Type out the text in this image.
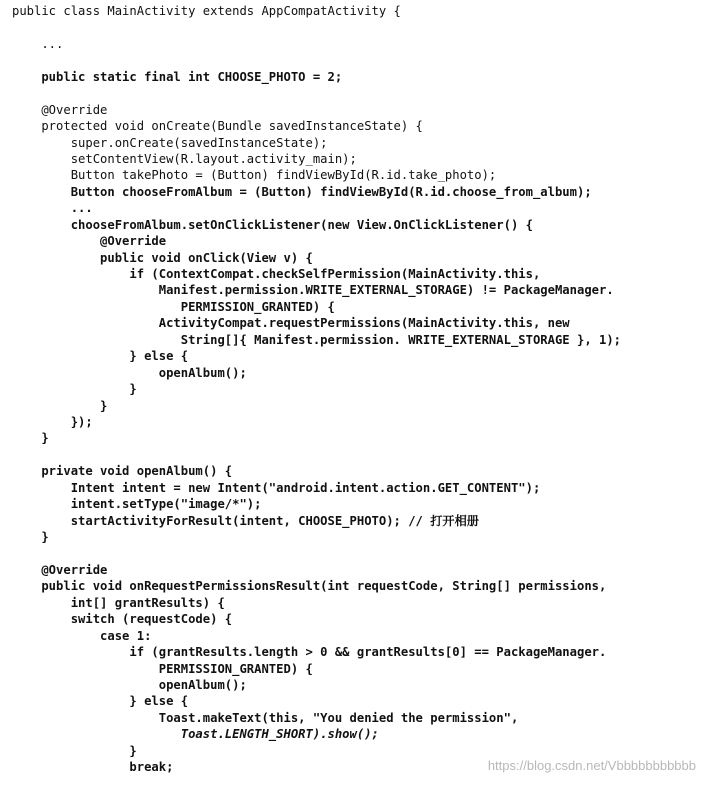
public class MainActivity extends AppCompatActivity {
...
public static final int CHOOSE_PHOTO = 2;
@Override
protected void onCreate(Bundle savedInstanceState) {
super.onCreate(savedInstanceState);
setContentView(R.layout.activity_main);
Button takePhoto = (Button) findViewById(R.id.take_photo);
Button chooseFromAlbum = (Button) findViewById(R.id.choose_from_album);
...
chooseFromAlbum.setOnClickListener(new View.OnClickListener() {
@Override
public void onClick(View v) {
if (ContextCompat.checkSelfPermission(MainActivity.this,
Manifest.permission.WRITE_EXTERNAL_STORAGE) != PackageManager.
PERMISSION_GRANTED) {
ActivityCompat.requestPermissions(MainActivity.this, new
String[]{ Manifest.permission. WRITE_EXTERNAL_STORAGE }, 1);
} else {
openAlbum();
}
}
});
}
private void openAlbum() {
Intent intent = new Intent("android.intent.action.GET_CONTENT");
intent.setType("image/*");
startActivityForResult(intent, CHOOSE_PHOTO); // 打开相册
}
@Override
public void onRequestPermissionsResult(int requestCode, String[] permissions,
int[] grantResults) {
switch (requestCode) {
case 1:
if (grantResults.length > 0 && grantResults[0] == PackageManager.
PERMISSION_GRANTED) {
openAlbum();
} else {
Toast.makeText(this, "You denied the permission",
Toast.LENGTH_SHORT).show();
}
break;	https://blog.csdn.net/Vbbbbbbbbbbb
